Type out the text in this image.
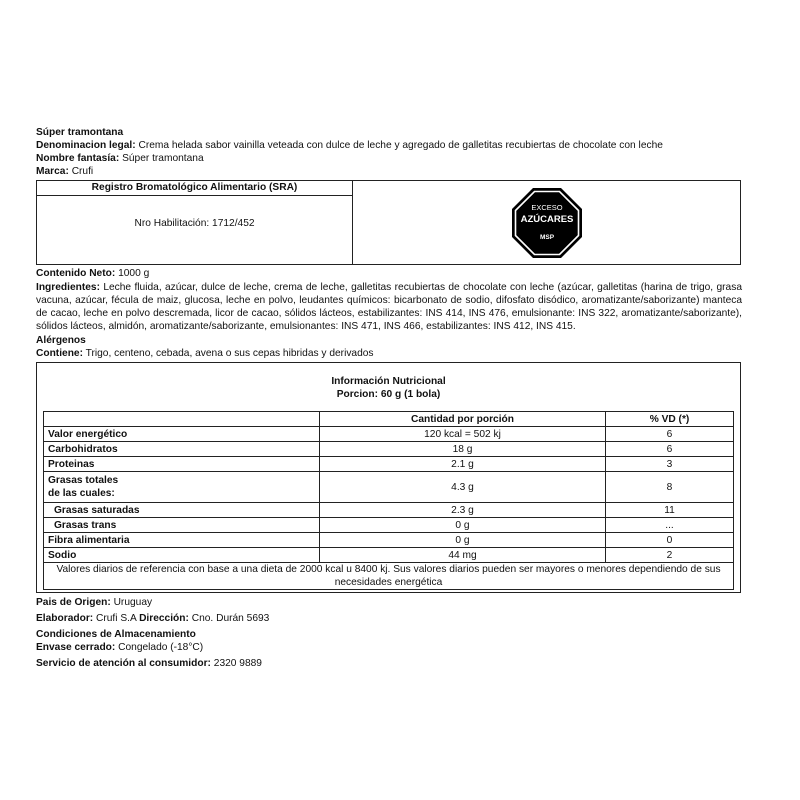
Súper tramontana
Denominacion legal: Crema helada sabor vainilla veteada con dulce de leche y agregado de galletitas recubiertas de chocolate con leche
Nombre fantasía: Súper tramontana
Marca: Crufi
Registro Bromatológico Alimentario (SRA)
Nro Habilitación: 1712/452
EXCESO
AZÚCARES
MSP
Contenido Neto: 1000 g
Ingredientes: Leche fluida, azúcar, dulce de leche, crema de leche, galletitas recubiertas de chocolate con leche (azúcar, galletitas (harina de trigo, grasa vacuna, azúcar, fécula de maiz, glucosa, leche en polvo, leudantes químicos: bicarbonato de sodio, difosfato disódico, aromatizante/saborizante) manteca de cacao, leche en polvo descremada, licor de cacao, sólidos lácteos, estabilizantes: INS 414, INS 476, emulsionante: INS 322, aromatizante/saborizante), sólidos lácteos, almidón, aromatizante/saborizante, emulsionantes: INS 471, INS 466, estabilizantes: INS 412, INS 415.
Alérgenos
Contiene: Trigo, centeno, cebada, avena o sus cepas hibridas y derivados
Información Nutricional
Porcion: 60 g (1 bola)
	Cantidad por porción	% VD (*)
Valor energético	120 kcal = 502 kj	6
Carbohidratos	18 g	6
Proteinas	2.1 g	3

Grasas totales
de las cuales:	4.3 g	8
Grasas saturadas	2.3 g	11
Grasas trans	0 g	...
Fibra alimentaria	0 g	0
Sodio	44 mg	2
Valores diarios de referencia con base a una dieta de 2000 kcal u 8400 kj. Sus valores diarios pueden ser mayores o menores dependiendo de sus necesidades energética		
Pais de Origen: Uruguay
Elaborador: Crufi S.A Dirección: Cno. Durán 5693
Condiciones de Almacenamiento
Envase cerrado: Congelado (-18°C)
Servicio de atención al consumidor: 2320 9889
